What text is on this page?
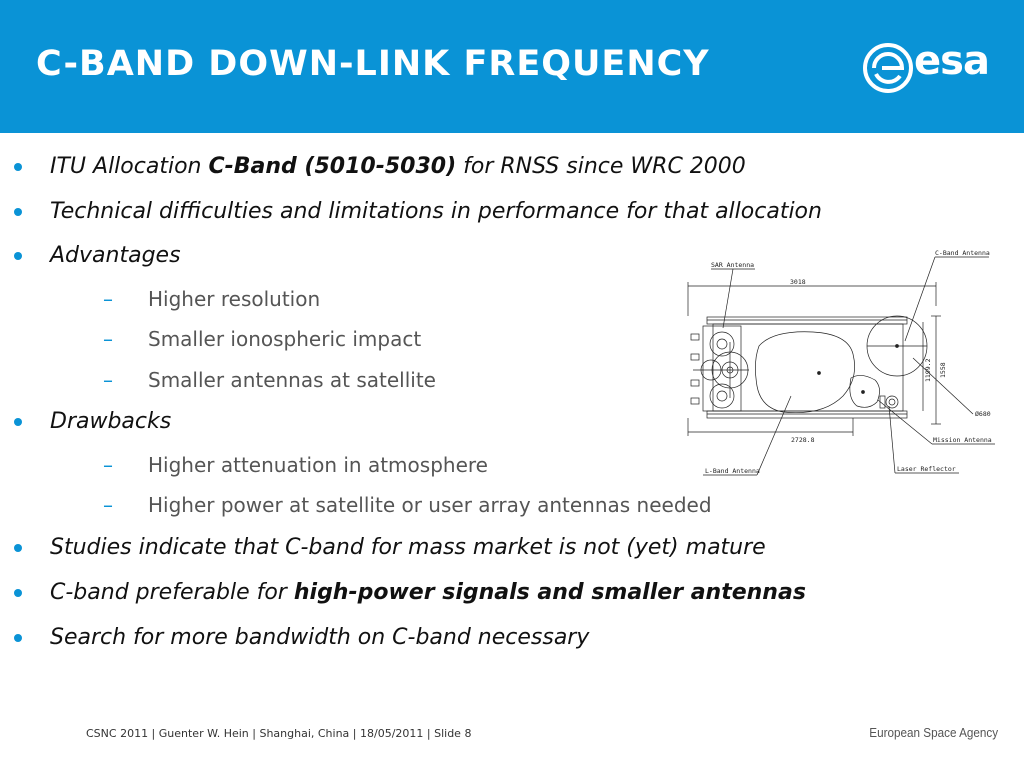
C-BAND DOWN-LINK FREQUENCY	esa
ITU Allocation C-Band (5010-5030) for RNSS since WRC 2000
Technical difficulties and limitations in performance for that allocation
Advantages
– Higher resolution
– Smaller ionospheric impact
– Smaller antennas at satellite
Drawbacks
– Higher attenuation in atmosphere
– Higher power at satellite or user array antennas needed
Studies indicate that C-band for mass market is not (yet) mature
C-band preferable for high-power signals and smaller antennas
Search for more bandwidth on C-band necessary
SAR Antenna
C-Band Antenna
3018
1558
1199.2
Ø680
2728.8	Mission Antenna
L-Band Antenna	Laser Reflector
CSNC 2011 | Guenter W. Hein | Shanghai, China | 18/05/2011 | Slide 8	European Space Agency
